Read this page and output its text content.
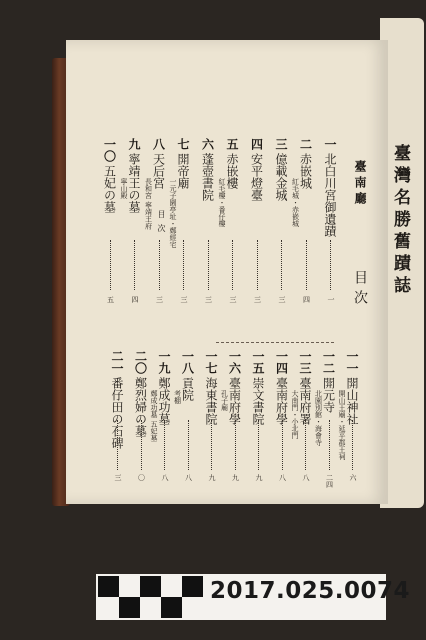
臺灣名勝舊蹟誌
目次
臺南廳
一
北白川宮御遺蹟
一
二
赤嵌城
紅毛城・赤嵌城
四
三
億載金城
三
四
安平燈臺
三
五
赤嵌樓
紅毛樓・番仔樓
三
六
蓬壺書院
三
七
開帝廟
一元子園亭址・鄭經宅
三
八
天后宮
長和宮 寧靖王府
三
九
寧靖王の墓
寧山殿
四
一〇
五妃の墓
五
一一
開山神社
開山王廟・延平郡王祠
六
一二
開元寺
北園別館・海會寺
二四
一三
臺南府署
大南門・小北門
八
一四
臺南府學
八
一五
崇文書院
九
一六
臺南府學
孔子廟
九
一七
海東書院
九
一八
貢院
考棚
八
一九
鄭成功墓
鄭成功墓 五妃墓
八
二〇
鄭烈婦の墓
〇
二一
番仔田の石碑
三
目次
2017.025.0074
